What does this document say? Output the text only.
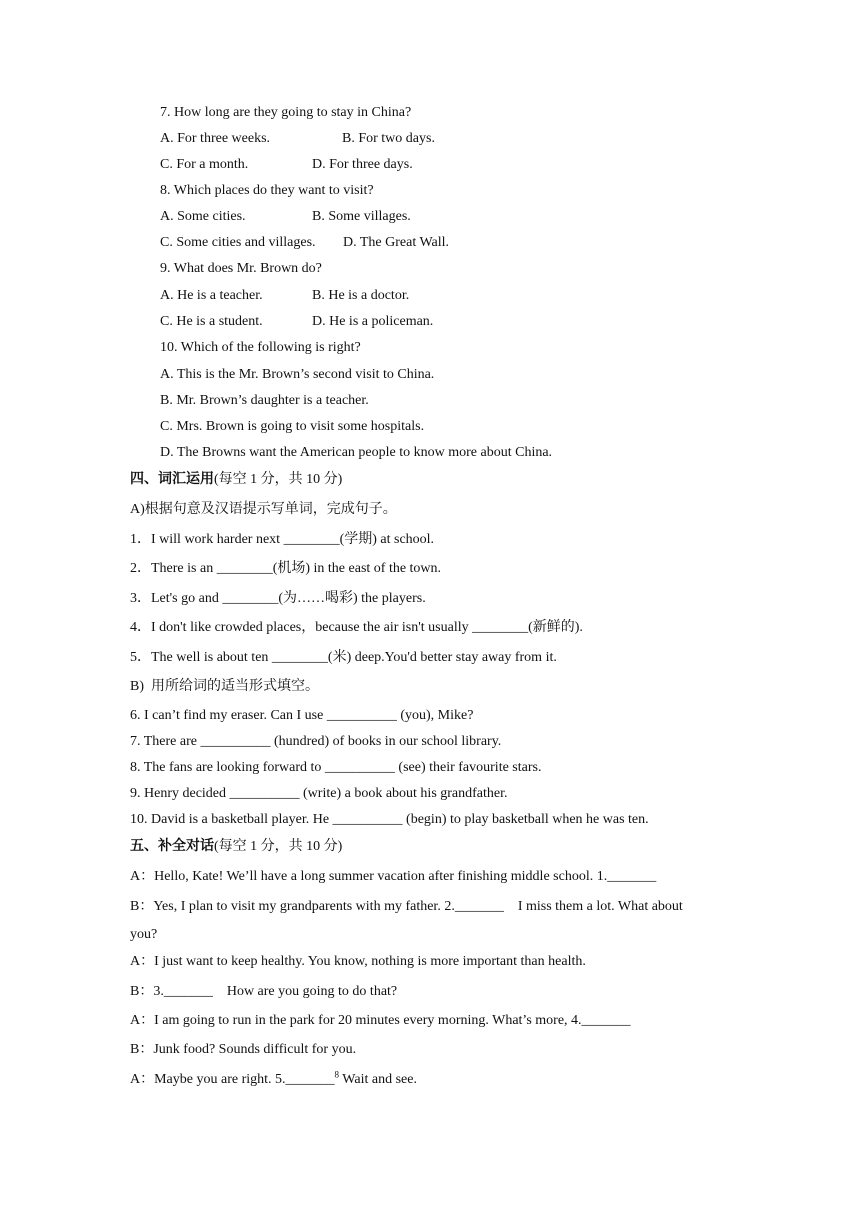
7. How long are they going to stay in China?
A. For three weeks.	B. For two days.
C. For a month.	D. For three days.
8. Which places do they want to visit?
A. Some cities.	B. Some villages.
C. Some cities and villages. D. The Great Wall.
9. What does Mr. Brown do?
A. He is a teacher.	B. He is a doctor.
C. He is a student.	D. He is a policeman.
10. Which of the following is right?
A. This is the Mr. Brown’s second visit to China.
B. Mr. Brown’s daughter is a teacher.
C. Mrs. Brown is going to visit some hospitals.
D. The Browns want the American people to know more about China.
四、词汇运用(每空 1 分，共 10 分)
A)根据句意及汉语提示写单词，完成句子。
1．I will work harder next ________(学期) at school.
2．There is an ________(机场) in the east of the town.
3．Let's go and ________(为……喝彩) the players.
4．I don't like crowded places，because the air isn't usually ________(新鲜的).
5．The well is about ten ________(米) deep.You'd better stay away from it.
B)  用所给词的适当形式填空。
6. I can’t find my eraser. Can I use __________ (you), Mike?
7. There are __________ (hundred) of books in our school library.
8. The fans are looking forward to __________ (see) their favourite stars.
9. Henry decided __________ (write) a book about his grandfather.
10. David is a basketball player. He __________ (begin) to play basketball when he was ten.
五、补全对话(每空 1 分，共 10 分)
A：Hello, Kate! We’ll have a long summer vacation after finishing middle school. 1._______
B：Yes, I plan to visit my grandparents with my father. 2._______    I miss them a lot. What about
you?
A：I just want to keep healthy. You know, nothing is more important than health.
B：3._______    How are you going to do that?
A：I am going to run in the park for 20 minutes every morning. What’s more, 4._______
B：Junk food? Sounds difficult for you.
A：Maybe you are right. 5._______$^8$ Wait and see.
